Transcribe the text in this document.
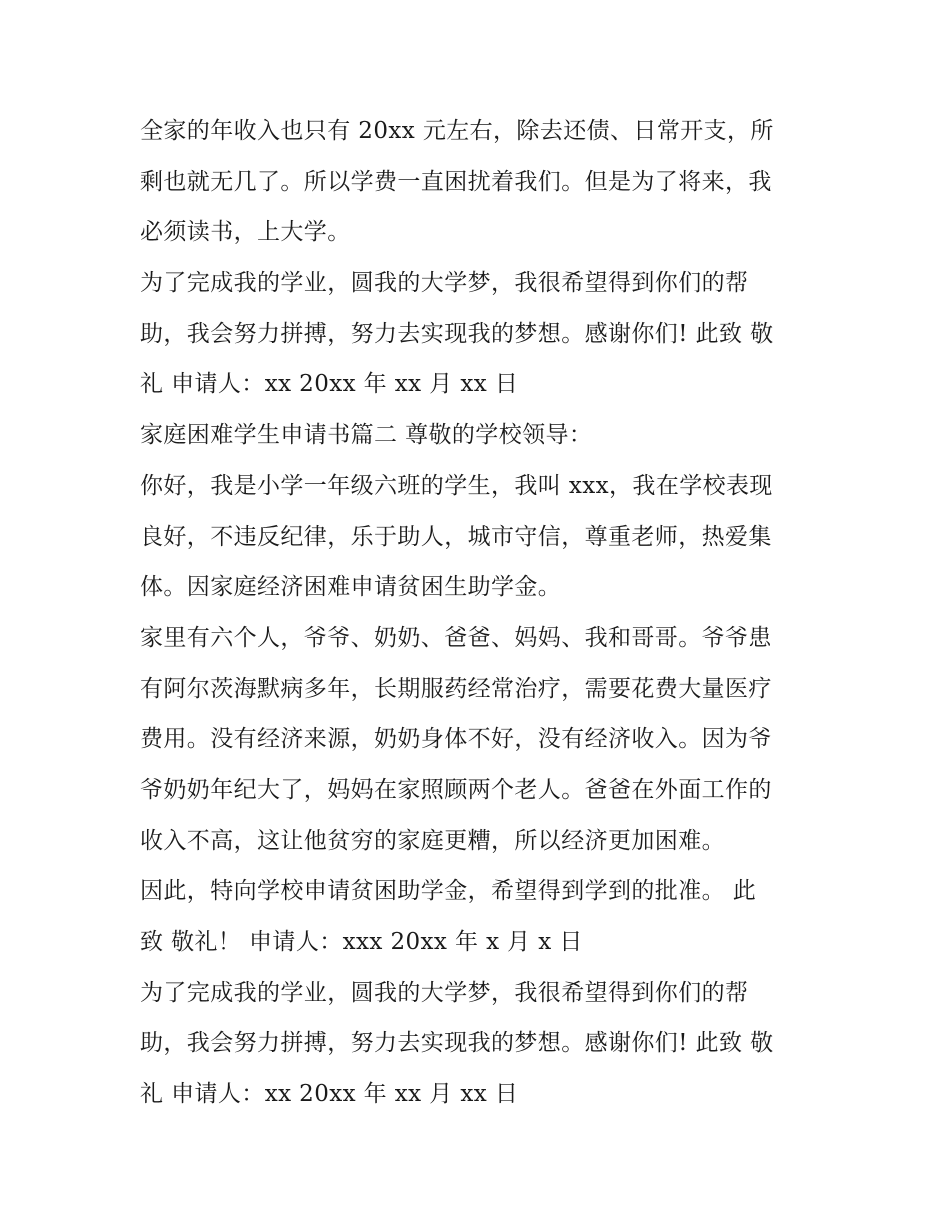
全家的年收入也只有 20xx 元左右，除去还债、日常开支，所
剩也就无几了。所以学费一直困扰着我们。但是为了将来，我
必须读书，上大学。
为了完成我的学业，圆我的大学梦，我很希望得到你们的帮
助，我会努力拼搏，努力去实现我的梦想。感谢你们! 此致 敬
礼 申请人：xx 20xx 年 xx 月 xx 日
家庭困难学生申请书篇二 尊敬的学校领导：
你好，我是小学一年级六班的学生，我叫 xxx，我在学校表现
良好，不违反纪律，乐于助人，城市守信，尊重老师，热爱集
体。因家庭经济困难申请贫困生助学金。
家里有六个人，爷爷、奶奶、爸爸、妈妈、我和哥哥。爷爷患
有阿尔茨海默病多年，长期服药经常治疗，需要花费大量医疗
费用。没有经济来源，奶奶身体不好，没有经济收入。因为爷
爷奶奶年纪大了，妈妈在家照顾两个老人。爸爸在外面工作的
收入不高，这让他贫穷的家庭更糟，所以经济更加困难。
因此，特向学校申请贫困助学金，希望得到学到的批准。 此
致 敬礼！ 申请人：xxx 20xx 年 x 月 x 日
为了完成我的学业，圆我的大学梦，我很希望得到你们的帮
助，我会努力拼搏，努力去实现我的梦想。感谢你们! 此致 敬
礼 申请人：xx 20xx 年 xx 月 xx 日
